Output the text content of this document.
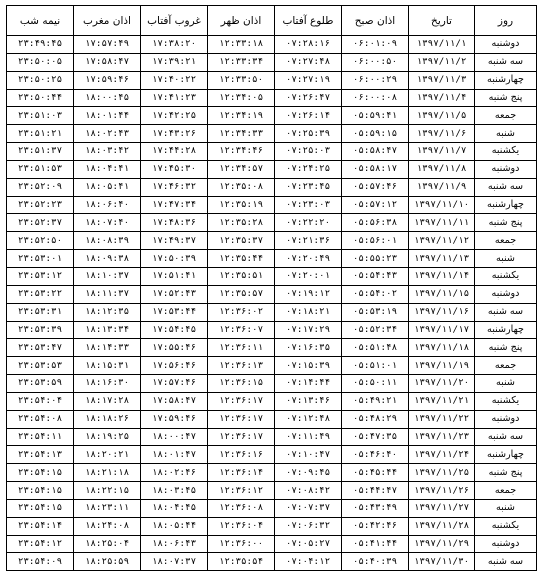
روز	تاریخ	اذان صبح	طلوع آفتاب	اذان ظهر	غروب آفتاب	اذان مغرب	نیمه شب
دوشنبه	۱۳۹۷/۱۱/۱	۰۶:۰۱:۰۹	۰۷:۲۸:۱۶	۱۲:۳۳:۱۸	۱۷:۳۸:۲۰	۱۷:۵۷:۴۹	۲۳:۴۹:۴۵
سه شنبه	۱۳۹۷/۱۱/۲	۰۶:۰۰:۵۰	۰۷:۲۷:۴۸	۱۲:۳۳:۳۴	۱۷:۳۹:۲۱	۱۷:۵۸:۴۷	۲۳:۵۰:۰۵
چهارشنبه	۱۳۹۷/۱۱/۳	۰۶:۰۰:۲۹	۰۷:۲۷:۱۹	۱۲:۳۳:۵۰	۱۷:۴۰:۲۲	۱۷:۵۹:۴۶	۲۳:۵۰:۲۵
پنج شنبه	۱۳۹۷/۱۱/۴	۰۶:۰۰:۰۸	۰۷:۲۶:۴۷	۱۲:۳۴:۰۵	۱۷:۴۱:۲۳	۱۸:۰۰:۴۵	۲۳:۵۰:۴۴
جمعه	۱۳۹۷/۱۱/۵	۰۵:۵۹:۴۱	۰۷:۲۶:۱۴	۱۲:۳۴:۱۹	۱۷:۴۲:۲۵	۱۸:۰۱:۴۴	۲۳:۵۱:۰۳
شنبه	۱۳۹۷/۱۱/۶	۰۵:۵۹:۱۵	۰۷:۲۵:۳۹	۱۲:۳۴:۳۳	۱۷:۴۳:۲۶	۱۸:۰۲:۴۳	۲۳:۵۱:۲۱
یکشنبه	۱۳۹۷/۱۱/۷	۰۵:۵۸:۴۷	۰۷:۲۵:۰۳	۱۲:۳۴:۴۶	۱۷:۴۴:۲۸	۱۸:۰۳:۴۲	۲۳:۵۱:۳۷
دوشنبه	۱۳۹۷/۱۱/۸	۰۵:۵۸:۱۷	۰۷:۲۴:۲۵	۱۲:۳۴:۵۷	۱۷:۴۵:۳۰	۱۸:۰۴:۴۱	۲۳:۵۱:۵۳
سه شنبه	۱۳۹۷/۱۱/۹	۰۵:۵۷:۴۶	۰۷:۲۳:۴۵	۱۲:۳۵:۰۸	۱۷:۴۶:۳۲	۱۸:۰۵:۴۱	۲۳:۵۲:۰۹
چهارشنبه	۱۳۹۷/۱۱/۱۰	۰۵:۵۷:۱۲	۰۷:۲۳:۰۳	۱۲:۳۵:۱۹	۱۷:۴۷:۳۴	۱۸:۰۶:۴۰	۲۳:۵۲:۲۳
پنج شنبه	۱۳۹۷/۱۱/۱۱	۰۵:۵۶:۳۸	۰۷:۲۲:۲۰	۱۲:۳۵:۲۸	۱۷:۴۸:۳۶	۱۸:۰۷:۴۰	۲۳:۵۲:۳۷
جمعه	۱۳۹۷/۱۱/۱۲	۰۵:۵۶:۰۱	۰۷:۲۱:۳۶	۱۲:۳۵:۳۷	۱۷:۴۹:۳۷	۱۸:۰۸:۳۹	۲۳:۵۲:۵۰
شنبه	۱۳۹۷/۱۱/۱۳	۰۵:۵۵:۲۳	۰۷:۲۰:۴۹	۱۲:۳۵:۴۴	۱۷:۵۰:۳۹	۱۸:۰۹:۳۸	۲۳:۵۳:۰۱
یکشنبه	۱۳۹۷/۱۱/۱۴	۰۵:۵۴:۴۳	۰۷:۲۰:۰۱	۱۲:۳۵:۵۱	۱۷:۵۱:۴۱	۱۸:۱۰:۳۷	۲۳:۵۳:۱۲
دوشنبه	۱۳۹۷/۱۱/۱۵	۰۵:۵۴:۰۲	۰۷:۱۹:۱۲	۱۲:۳۵:۵۷	۱۷:۵۲:۴۳	۱۸:۱۱:۳۷	۲۳:۵۳:۲۲
سه شنبه	۱۳۹۷/۱۱/۱۶	۰۵:۵۳:۱۹	۰۷:۱۸:۲۱	۱۲:۳۶:۰۲	۱۷:۵۳:۴۴	۱۸:۱۲:۳۵	۲۳:۵۳:۳۱
چهارشنبه	۱۳۹۷/۱۱/۱۷	۰۵:۵۲:۳۴	۰۷:۱۷:۲۹	۱۲:۳۶:۰۷	۱۷:۵۴:۴۵	۱۸:۱۳:۳۴	۲۳:۵۳:۳۹
پنج شنبه	۱۳۹۷/۱۱/۱۸	۰۵:۵۱:۴۸	۰۷:۱۶:۳۵	۱۲:۳۶:۱۱	۱۷:۵۵:۴۶	۱۸:۱۴:۳۳	۲۳:۵۳:۴۷
جمعه	۱۳۹۷/۱۱/۱۹	۰۵:۵۱:۰۱	۰۷:۱۵:۳۹	۱۲:۳۶:۱۳	۱۷:۵۶:۴۶	۱۸:۱۵:۳۱	۲۳:۵۳:۵۳
شنبه	۱۳۹۷/۱۱/۲۰	۰۵:۵۰:۱۱	۰۷:۱۴:۴۴	۱۲:۳۶:۱۵	۱۷:۵۷:۴۶	۱۸:۱۶:۳۰	۲۳:۵۳:۵۹
یکشنبه	۱۳۹۷/۱۱/۲۱	۰۵:۴۹:۲۱	۰۷:۱۳:۴۶	۱۲:۳۶:۱۷	۱۷:۵۸:۴۷	۱۸:۱۷:۲۸	۲۳:۵۴:۰۴
دوشنبه	۱۳۹۷/۱۱/۲۲	۰۵:۴۸:۲۹	۰۷:۱۲:۴۸	۱۲:۳۶:۱۷	۱۷:۵۹:۴۶	۱۸:۱۸:۲۶	۲۳:۵۴:۰۸
سه شنبه	۱۳۹۷/۱۱/۲۳	۰۵:۴۷:۳۵	۰۷:۱۱:۴۹	۱۲:۳۶:۱۷	۱۸:۰۰:۴۷	۱۸:۱۹:۲۵	۲۳:۵۴:۱۱
چهارشنبه	۱۳۹۷/۱۱/۲۴	۰۵:۴۶:۴۰	۰۷:۱۰:۴۷	۱۲:۳۶:۱۶	۱۸:۰۱:۴۷	۱۸:۲۰:۲۱	۲۳:۵۴:۱۳
پنج شنبه	۱۳۹۷/۱۱/۲۵	۰۵:۴۵:۴۴	۰۷:۰۹:۴۵	۱۲:۳۶:۱۴	۱۸:۰۲:۴۶	۱۸:۲۱:۱۸	۲۳:۵۴:۱۵
جمعه	۱۳۹۷/۱۱/۲۶	۰۵:۴۴:۴۷	۰۷:۰۸:۴۲	۱۲:۳۶:۱۲	۱۸:۰۳:۴۵	۱۸:۲۲:۱۵	۲۳:۵۴:۱۵
شنبه	۱۳۹۷/۱۱/۲۷	۰۵:۴۳:۴۹	۰۷:۰۷:۳۷	۱۲:۳۶:۰۸	۱۸:۰۴:۴۵	۱۸:۲۳:۱۱	۲۳:۵۴:۱۵
یکشنبه	۱۳۹۷/۱۱/۲۸	۰۵:۴۲:۴۶	۰۷:۰۶:۳۲	۱۲:۳۶:۰۴	۱۸:۰۵:۴۴	۱۸:۲۴:۰۸	۲۳:۵۴:۱۴
دوشنبه	۱۳۹۷/۱۱/۲۹	۰۵:۴۱:۴۴	۰۷:۰۵:۲۷	۱۲:۳۶:۰۰	۱۸:۰۶:۴۳	۱۸:۲۵:۰۴	۲۳:۵۴:۱۲
سه شنبه	۱۳۹۷/۱۱/۳۰	۰۵:۴۰:۳۹	۰۷:۰۴:۱۲	۱۲:۳۵:۵۴	۱۸:۰۷:۳۷	۱۸:۲۵:۵۹	۲۳:۵۴:۰۹
